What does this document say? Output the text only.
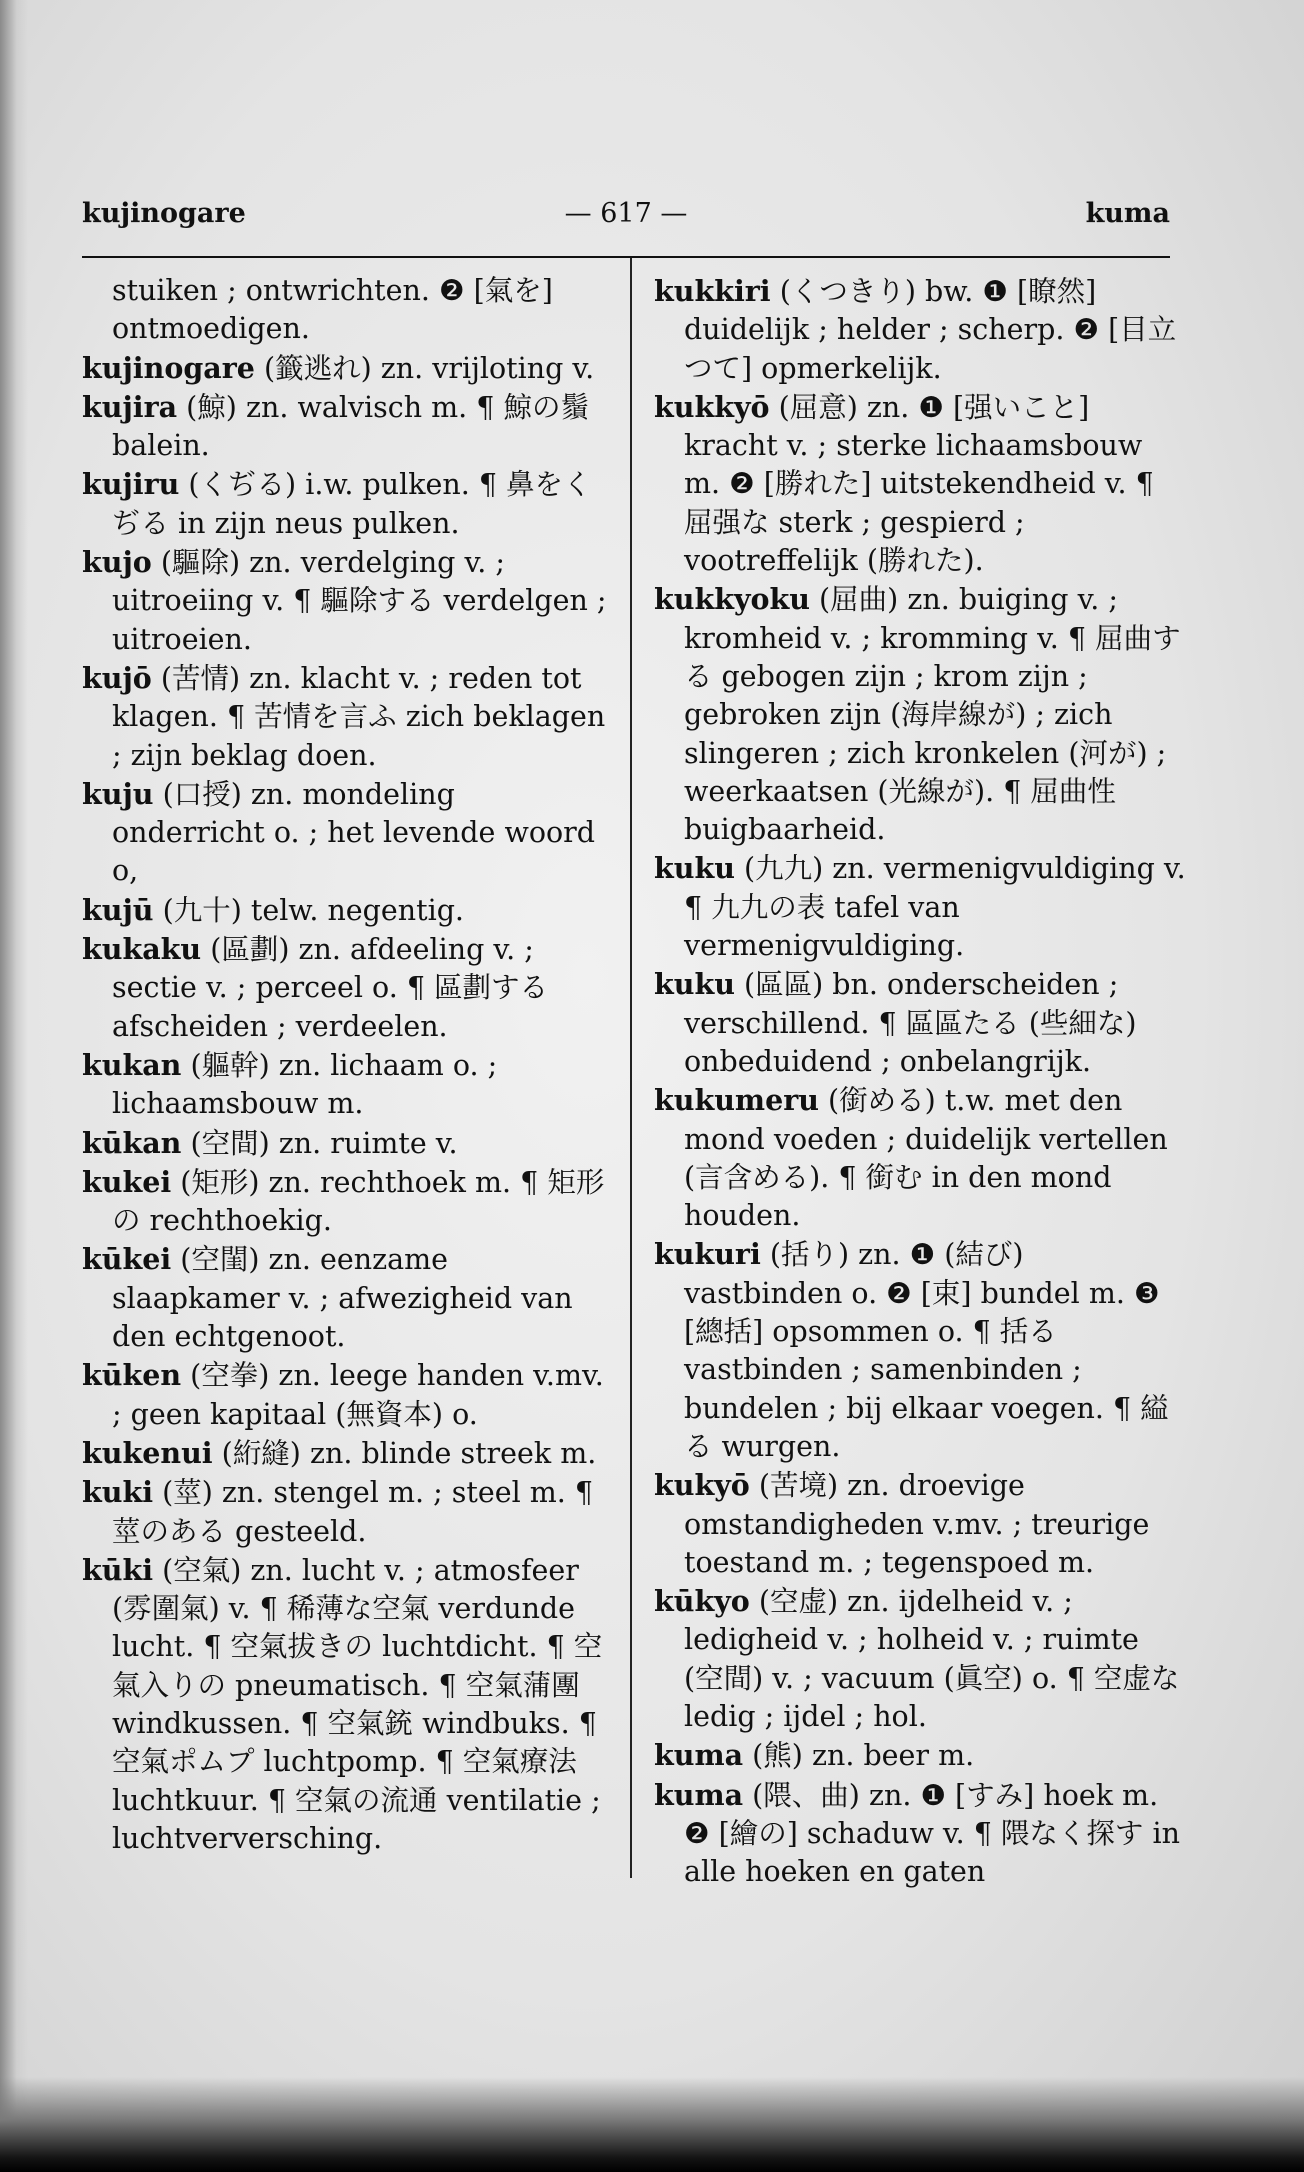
kujinogare	— 617 —	kuma
stuiken ; ontwrichten. ❷ [氣を] ontmoedigen.
kujinogare (籤逃れ) zn. vrijloting v.
kujira (鯨) zn. walvisch m. ¶ 鯨の鬚 balein.
kujiru (くぢる) i.w. pulken. ¶ 鼻をくぢる in zijn neus pulken.
kujo (驅除) zn. verdelging v. ; uitroeiing v. ¶ 驅除する verdelgen ; uitroeien.
kujō (苦情) zn. klacht v. ; reden tot klagen. ¶ 苦情を言ふ zich beklagen ; zijn beklag doen.
kuju (口授) zn. mondeling onderricht o. ; het levende woord o,
kujū (九十) telw. negentig.
kukaku (區劃) zn. afdeeling v. ; sectie v. ; perceel o. ¶ 區劃する afscheiden ; verdeelen.
kukan (軀幹) zn. lichaam o. ; lichaamsbouw m.
kūkan (空間) zn. ruimte v.
kukei (矩形) zn. rechthoek m. ¶ 矩形の rechthoekig.
kūkei (空閨) zn. eenzame slaapkamer v. ; afwezigheid van den echtgenoot.
kūken (空拳) zn. leege handen v.mv. ; geen kapitaal (無資本) o.
kukenui (絎縫) zn. blinde streek m.
kuki (莖) zn. stengel m. ; steel m. ¶ 莖のある gesteeld.
kūki (空氣) zn. lucht v. ; atmosfeer (雰圍氣) v. ¶ 稀薄な空氣 verdunde lucht. ¶ 空氣拔きの luchtdicht. ¶ 空氣入りの pneumatisch. ¶ 空氣蒲團 windkussen. ¶ 空氣銃 windbuks. ¶ 空氣ポムプ luchtpomp. ¶ 空氣療法 luchtkuur. ¶ 空氣の流通 ventilatie ; luchtverversching.
kukkiri (くつきり) bw. ❶ [瞭然] duidelijk ; helder ; scherp. ❷ [目立つて] opmerkelijk.
kukkyō (屈意) zn. ❶ [强いこと] kracht v. ; sterke lichaamsbouw m. ❷ [勝れた] uitstekendheid v. ¶ 屈强な sterk ; gespierd ; vootreffelijk (勝れた).
kukkyoku (屈曲) zn. buiging v. ; kromheid v. ; kromming v. ¶ 屈曲する gebogen zijn ; krom zijn ; gebroken zijn (海岸線が) ; zich slingeren ; zich kronkelen (河が) ; weerkaatsen (光線が). ¶ 屈曲性 buigbaarheid.
kuku (九九) zn. vermenigvuldiging v. ¶ 九九の表 tafel van vermenigvuldiging.
kuku (區區) bn. onderscheiden ; verschillend. ¶ 區區たる (些細な) onbeduidend ; onbelangrijk.
kukumeru (銜める) t.w. met den mond voeden ; duidelijk vertellen (言含める). ¶ 銜む in den mond houden.
kukuri (括り) zn. ❶ (結び) vastbinden o. ❷ [束] bundel m. ❸ [總括] opsommen o. ¶ 括る vastbinden ; samenbinden ; bundelen ; bij elkaar voegen. ¶ 縊る wurgen.
kukyō (苦境) zn. droevige omstandigheden v.mv. ; treurige toestand m. ; tegenspoed m.
kūkyo (空虚) zn. ijdelheid v. ; ledigheid v. ; holheid v. ; ruimte (空間) v. ; vacuum (眞空) o. ¶ 空虚な ledig ; ijdel ; hol.
kuma (熊) zn. beer m.
kuma (隈、曲) zn. ❶ [すみ] hoek m. ❷ [繪の] schaduw v. ¶ 隈なく探す in alle hoeken en gaten
